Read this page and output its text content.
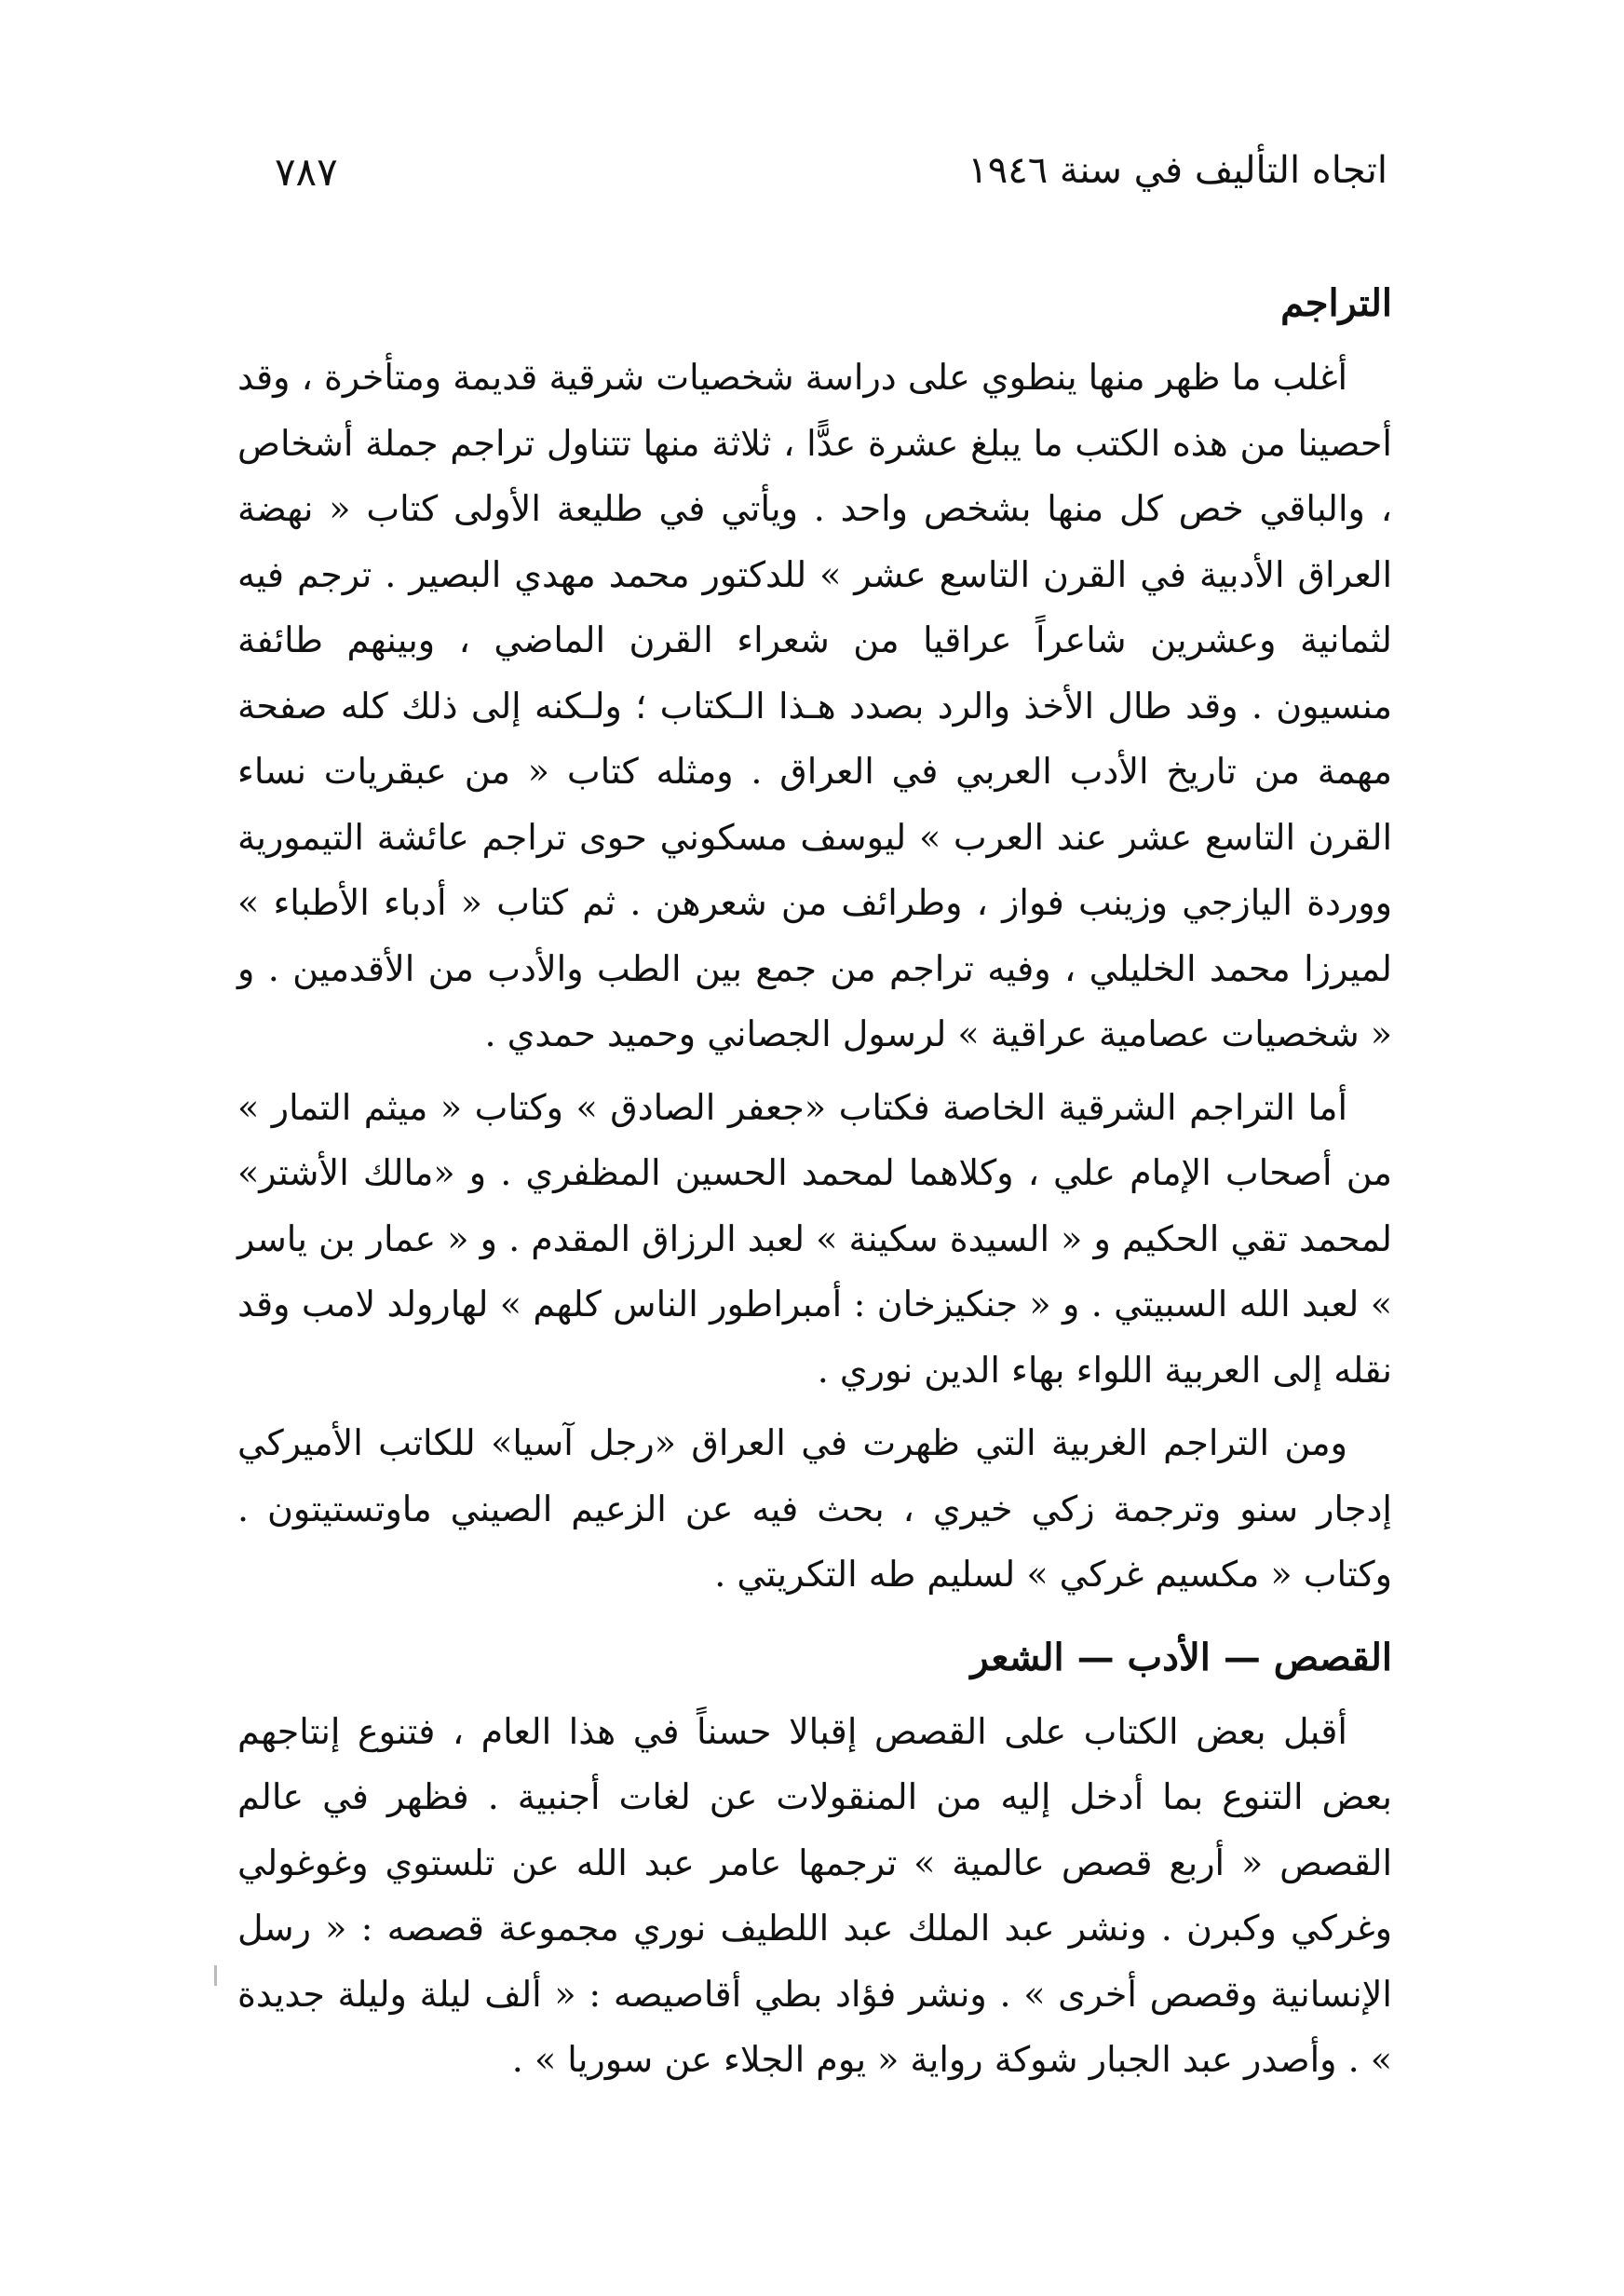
٧٨٧	اتجاه التأليف في سنة ١٩٤٦
التراجم

أغلب ما ظهر منها ينطوي على دراسة شخصيات شرقية قديمة ومتأخرة ، وقد أحصينا من هذه الكتب ما يبلغ عشرة عدًّا ، ثلاثة منها تتناول تراجم جملة أشخاص ، والباقي خص كل منها بشخص واحد . ويأتي في طليعة الأولى كتاب « نهضة العراق الأدبية في القرن التاسع عشر » للدكتور محمد مهدي البصير . ترجم فيه لثمانية وعشرين شاعراً عراقيا من شعراء القرن الماضي ، وبينهم طائفة منسيون . وقد طال الأخذ والرد بصدد هـذا الـكتاب ؛ ولـكنه إلى ذلك كله صفحة مهمة من تاريخ الأدب العربي في العراق . ومثله كتاب « من عبقريات نساء القرن التاسع عشر عند العرب » ليوسف مسكوني حوى تراجم عائشة التيمورية ووردة اليازجي وزينب فواز ، وطرائف من شعرهن . ثم كتاب « أدباء الأطباء » لميرزا محمد الخليلي ، وفيه تراجم من جمع بين الطب والأدب من الأقدمين . و « شخصيات عصامية عراقية » لرسول الجصاني وحميد حمدي .

أما التراجم الشرقية الخاصة فكتاب «جعفر الصادق » وكتاب « ميثم التمار » من أصحاب الإمام علي ، وكلاهما لمحمد الحسين المظفري . و «مالك الأشتر» لمحمد تقي الحكيم و « السيدة سكينة » لعبد الرزاق المقدم . و « عمار بن ياسر » لعبد الله السبيتي . و « جنكيزخان : أمبراطور الناس كلهم » لهارولد لامب وقد نقله إلى العربية اللواء بهاء الدين نوري .

ومن التراجم الغربية التي ظهرت في العراق «رجل آسيا» للكاتب الأميركي إدجار سنو وترجمة زكي خيري ، بحث فيه عن الزعيم الصيني ماوتستيتون . وكتاب « مكسيم غركي » لسليم طه التكريتي .

القصص — الأدب — الشعر

أقبل بعض الكتاب على القصص إقبالا حسناً في هذا العام ، فتنوع إنتاجهم بعض التنوع بما أدخل إليه من المنقولات عن لغات أجنبية . فظهر في عالم القصص « أربع قصص عالمية » ترجمها عامر عبد الله عن تلستوي وغوغولي وغركي وكبرن . ونشر عبد الملك عبد اللطيف نوري مجموعة قصصه : « رسل الإنسانية وقصص أخرى » . ونشر فؤاد بطي أقاصيصه : « ألف ليلة وليلة جديدة » . وأصدر عبد الجبار شوكة رواية « يوم الجلاء عن سوريا » .
